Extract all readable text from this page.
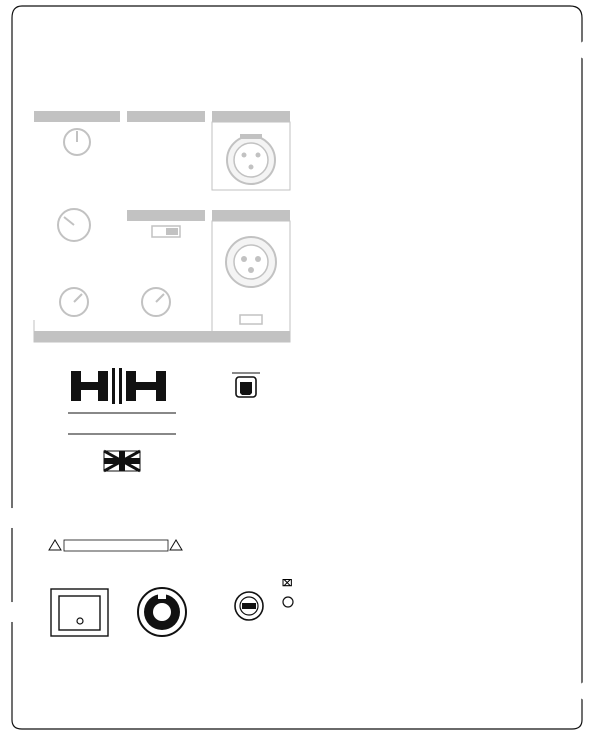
⌧
